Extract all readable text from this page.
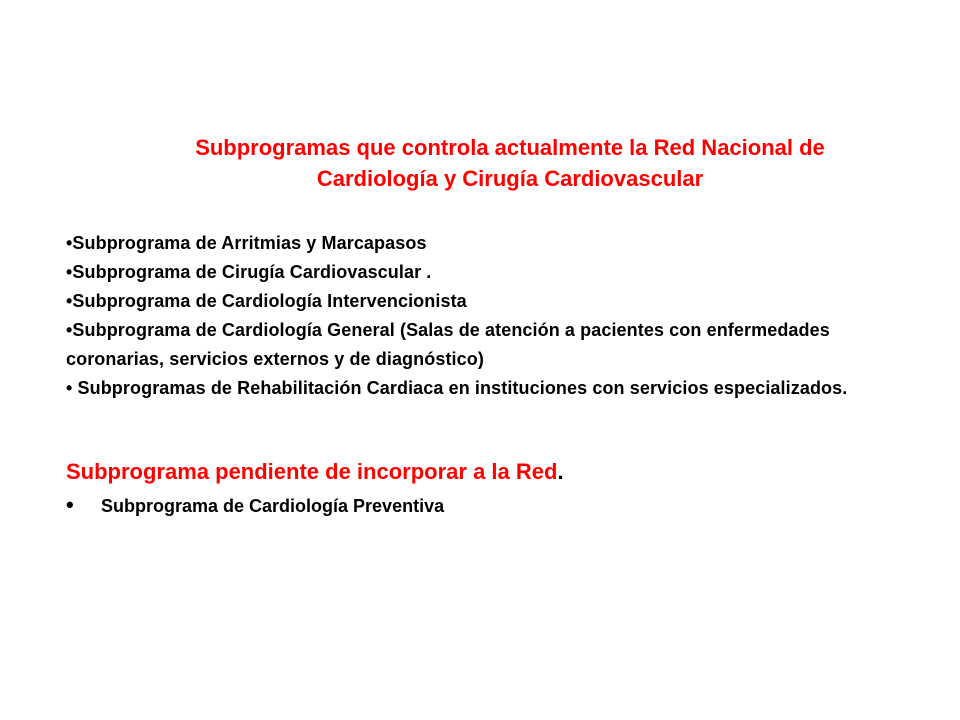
Subprogramas que controla actualmente la Red Nacional de
Cardiología y Cirugía Cardiovascular
•Subprograma de Arritmias y Marcapasos
•Subprograma de Cirugía Cardiovascular .
•Subprograma de Cardiología Intervencionista
•Subprograma de Cardiología General (Salas de atención a pacientes con enfermedades coronarias, servicios externos y de diagnóstico)
• Subprogramas de Rehabilitación Cardiaca en instituciones con servicios especializados.
Subprograma pendiente de incorporar a la Red.
• Subprograma de Cardiología Preventiva
